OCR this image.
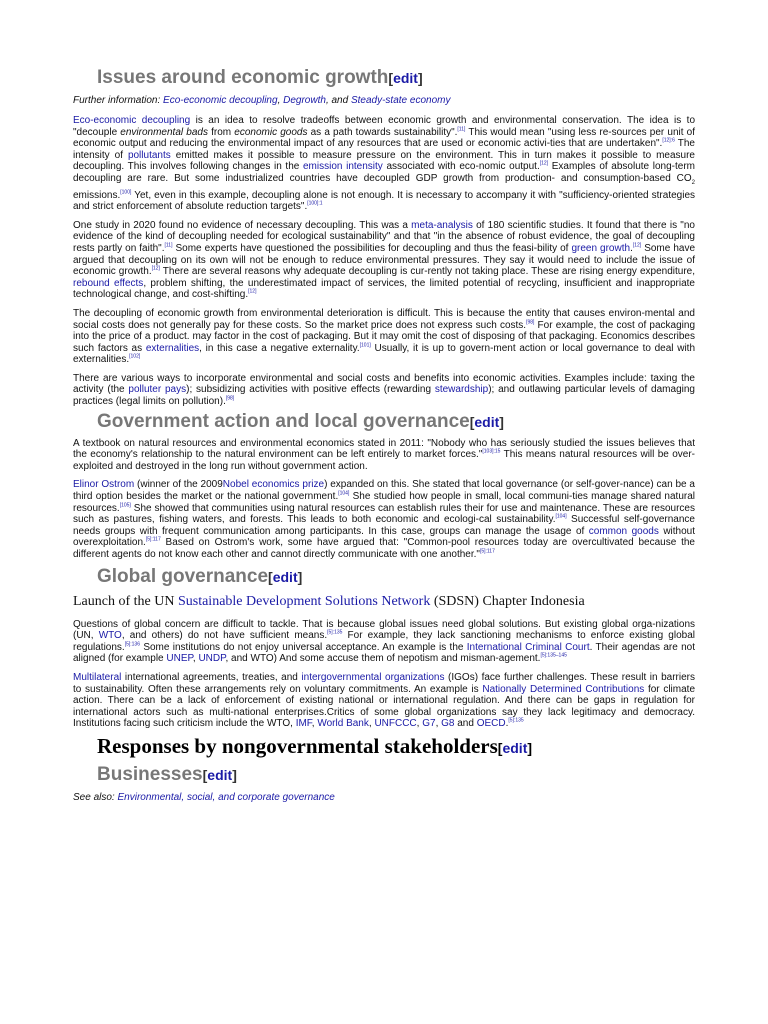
Issues around economic growth[edit]
Further information: Eco-economic decoupling, Degrowth, and Steady-state economy

Eco-economic decoupling is an idea to resolve tradeoffs between economic growth and environmental conservation. The idea is to "decouple environmental bads from economic goods as a path towards sustainability".[11] This would mean "using less re-sources per unit of economic output and reducing the environmental impact of any resources that are used or economic activi-ties that are undertaken".$^{[12]:6}$ The intensity of pollutants emitted makes it possible to measure pressure on the environment. This in turn makes it possible to measure decoupling. This involves following changes in the emission intensity associated with eco-nomic output.[12] Examples of absolute long-term decoupling are rare. But some industrialized countries have decoupled GDP growth from production- and consumption-based $CO_2$ emissions.[100] Yet, even in this example, decoupling alone is not enough. It is necessary to accompany it with "sufficiency-oriented strategies and strict enforcement of absolute reduction targets".$^{[100]:1}$

One study in 2020 found no evidence of necessary decoupling. This was a meta-analysis of 180 scientific studies. It found that there is "no evidence of the kind of decoupling needed for ecological sustainability" and that "in the absence of robust evidence, the goal of decoupling rests partly on faith".[11] Some experts have questioned the possibilities for decoupling and thus the feasi-bility of green growth.[12] Some have argued that decoupling on its own will not be enough to reduce environmental pressures. They say it would need to include the issue of economic growth.[12] There are several reasons why adequate decoupling is cur-rently not taking place. These are rising energy expenditure, rebound effects, problem shifting, the underestimated impact of services, the limited potential of recycling, insufficient and inappropriate technological change, and cost-shifting.[12]

The decoupling of economic growth from environmental deterioration is difficult. This is because the entity that causes environ-mental and social costs does not generally pay for these costs. So the market price does not express such costs.[98] For example, the cost of packaging into the price of a product. may factor in the cost of packaging. But it may omit the cost of disposing of that packaging. Economics describes such factors as externalities, in this case a negative externality.[101] Usually, it is up to govern-ment action or local governance to deal with externalities.[102]

There are various ways to incorporate environmental and social costs and benefits into economic activities. Examples include: taxing the activity (the polluter pays); subsidizing activities with positive effects (rewarding stewardship); and outlawing particular levels of damaging practices (legal limits on pollution).[98]

Government action and local governance[edit]

A textbook on natural resources and environmental economics stated in 2011: "Nobody who has seriously studied the issues believes that the economy's relationship to the natural environment can be left entirely to market forces."$^{[103]:15}$ This means natural resources will be over-exploited and destroyed in the long run without government action.

Elinor Ostrom (winner of the 2009Nobel economics prize) expanded on this. She stated that local governance (or self-gover-nance) can be a third option besides the market or the national government.[104] She studied how people in small, local communi-ties manage shared natural resources.[105] She showed that communities using natural resources can establish rules their for use and maintenance. These are resources such as pastures, fishing waters, and forests. This leads to both economic and ecologi-cal sustainability.[104] Successful self-governance needs groups with frequent communication among participants. In this case, groups can manage the usage of common goods without overexploitation.$^{[5]:117}$ Based on Ostrom's work, some have argued that: "Common-pool resources today are overcultivated because the different agents do not know each other and cannot directly communicate with one another."$^{[5]:117}$

Global governance[edit]
Launch of the UN Sustainable Development Solutions Network (SDSN) Chapter Indonesia

Questions of global concern are difficult to tackle. That is because global issues need global solutions. But existing global orga-nizations (UN, WTO, and others) do not have sufficient means.$^{[5]:135}$ For example, they lack sanctioning mechanisms to enforce existing global regulations.$^{[5]:136}$ Some institutions do not enjoy universal acceptance. An example is the International Criminal Court. Their agendas are not aligned (for example UNEP, UNDP, and WTO) And some accuse them of nepotism and misman-agement.$^{[5]:135-145}$

Multilateral international agreements, treaties, and intergovernmental organizations (IGOs) face further challenges. These result in barriers to sustainability. Often these arrangements rely on voluntary commitments. An example is Nationally Determined Contributions for climate action. There can be a lack of enforcement of existing national or international regulation. And there can be gaps in regulation for international actors such as multi-national enterprises.Critics of some global organizations say they lack legitimacy and democracy. Institutions facing such criticism include the WTO, IMF, World Bank, UNFCCC, G7, G8 and OECD.$^{[5]:135}$

Responses by nongovernmental stakeholders[edit]
Businesses[edit]
See also: Environmental, social, and corporate governance
